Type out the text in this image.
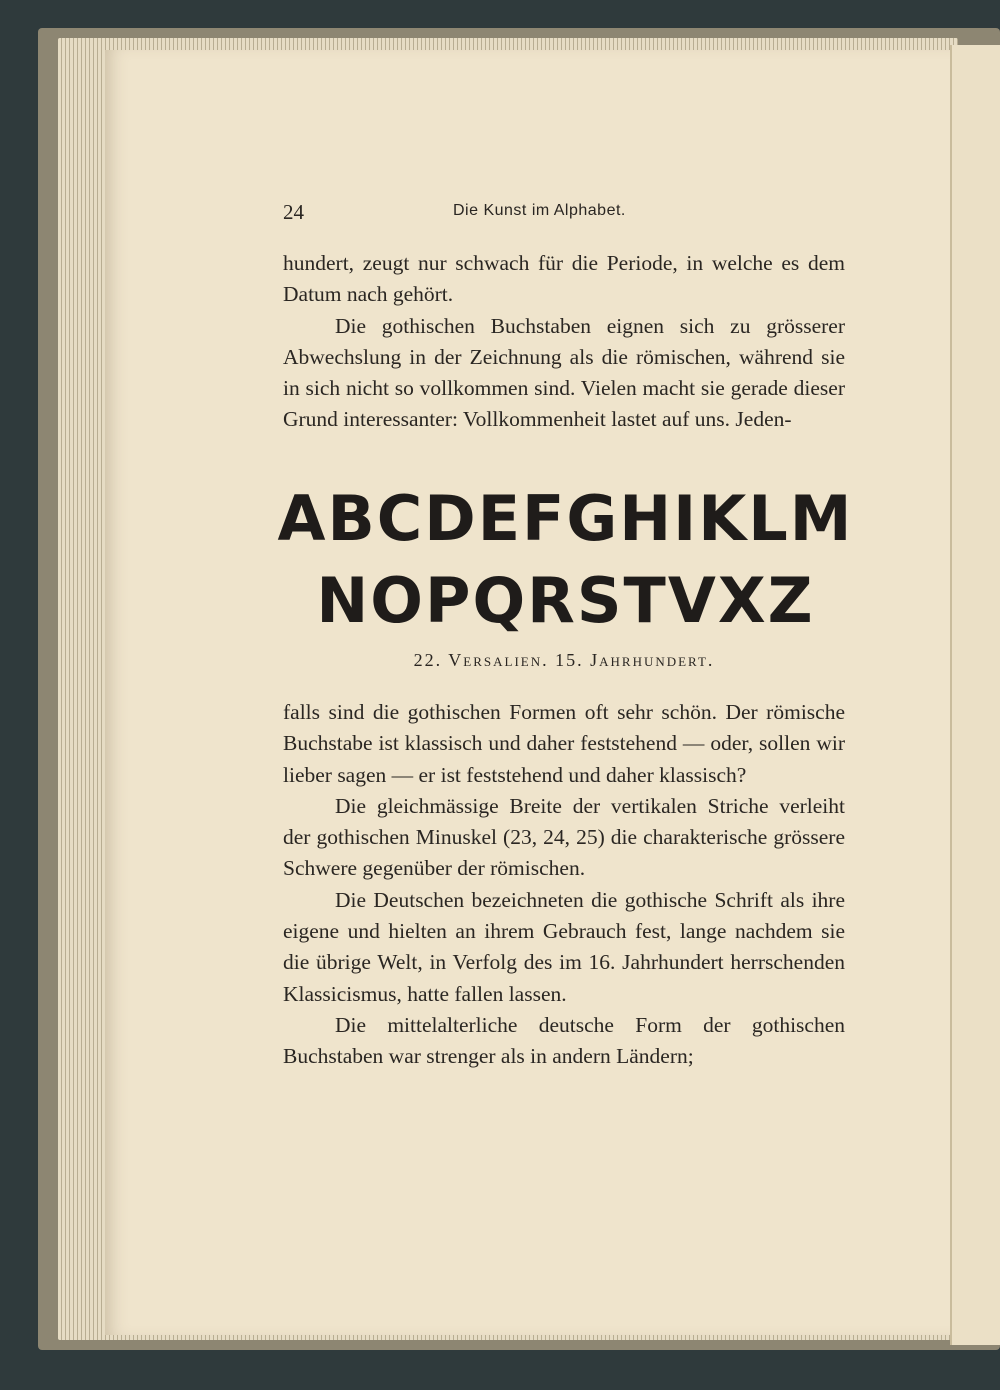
24	Die Kunst im Alphabet.

hundert, zeugt nur schwach für die Periode, in welche es dem Datum nach gehört.

Die gothischen Buchstaben eignen sich zu grösserer Abwechslung in der Zeichnung als die römischen, während sie in sich nicht so vollkommen sind. Vielen macht sie gerade dieser Grund interessanter: Vollkommenheit lastet auf uns. Jeden-

ABCDEFGHIKLM
NOPQRSTVXZ
22. Versalien. 15. Jahrhundert.

falls sind die gothischen Formen oft sehr schön. Der römische Buchstabe ist klassisch und daher feststehend — oder, sollen wir lieber sagen — er ist feststehend und daher klassisch?

Die gleichmässige Breite der vertikalen Striche verleiht der gothischen Minuskel (23, 24, 25) die charakterische grössere Schwere gegenüber der römischen.

Die Deutschen bezeichneten die gothische Schrift als ihre eigene und hielten an ihrem Gebrauch fest, lange nachdem sie die übrige Welt, in Verfolg des im 16. Jahrhundert herrschenden Klassicismus, hatte fallen lassen.

Die mittelalterliche deutsche Form der gothischen Buchstaben war strenger als in andern Ländern;
